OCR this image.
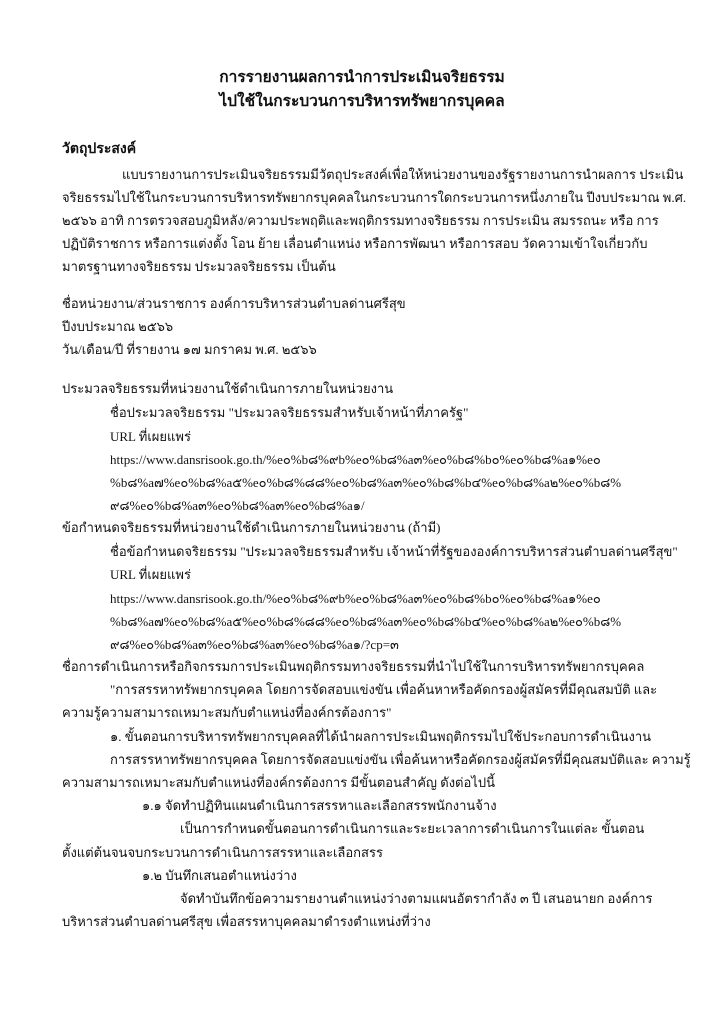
การรายงานผลการนำการประเมินจริยธรรม
ไปใช้ในกระบวนการบริหารทรัพยากรบุคคล
วัตถุประสงค์
แบบรายงานการประเมินจริยธรรมมีวัตถุประสงค์เพื่อให้หน่วยงานของรัฐรายงานการนำผลการ ประเมิน
จริยธรรมไปใช้ในกระบวนการบริหารทรัพยากรบุคคลในกระบวนการใดกระบวนการหนึ่งภายใน ปีงบประมาณ พ.ศ.
๒๕๖๖ อาทิ การตรวจสอบภูมิหลัง/ความประพฤติและพฤติกรรมทางจริยธรรม การประเมิน สมรรถนะ หรือ การ
ปฏิบัติราชการ หรือการแต่งตั้ง โอน ย้าย เลื่อนตำแหน่ง หรือการพัฒนา หรือการสอบ วัดความเข้าใจเกี่ยวกับ
มาตรฐานทางจริยธรรม ประมวลจริยธรรม เป็นต้น
ชื่อหน่วยงาน/ส่วนราชการ องค์การบริหารส่วนตำบลด่านศรีสุข
ปีงบประมาณ ๒๕๖๖
วัน/เดือน/ปี ที่รายงาน ๑๗ มกราคม พ.ศ. ๒๕๖๖
ประมวลจริยธรรมที่หน่วยงานใช้ดำเนินการภายในหน่วยงาน
ชื่อประมวลจริยธรรม "ประมวลจริยธรรมสำหรับเจ้าหน้าที่ภาครัฐ"
URL ที่เผยแพร่
https://www.dansrisook.go.th/%e๐%b๘%๙b%e๐%b๘%a๓%e๐%b๘%b๐%e๐%b๘%a๑%e๐
%b๘%a๗%e๐%b๘%a๕%e๐%b๘%๘๘%e๐%b๘%a๓%e๐%b๘%b๔%e๐%b๘%a๒%e๐%b๘%
๙๘%e๐%b๘%a๓%e๐%b๘%a๓%e๐%b๘%a๑/
ข้อกำหนดจริยธรรมที่หน่วยงานใช้ดำเนินการภายในหน่วยงาน (ถ้ามี)
ชื่อข้อกำหนดจริยธรรม "ประมวลจริยธรรมสำหรับ เจ้าหน้าที่รัฐขององค์การบริหารส่วนตำบลด่านศรีสุข"
URL ที่เผยแพร่
https://www.dansrisook.go.th/%e๐%b๘%๙b%e๐%b๘%a๓%e๐%b๘%b๐%e๐%b๘%a๑%e๐
%b๘%a๗%e๐%b๘%a๕%e๐%b๘%๘๘%e๐%b๘%a๓%e๐%b๘%b๔%e๐%b๘%a๒%e๐%b๘%
๙๘%e๐%b๘%a๓%e๐%b๘%a๓%e๐%b๘%a๑/?cp=๓
ชื่อการดำเนินการหรือกิจกรรมการประเมินพฤติกรรมทางจริยธรรมที่นำไปใช้ในการบริหารทรัพยากรบุคคล
"การสรรหาทรัพยากรบุคคล โดยการจัดสอบแข่งขัน เพื่อค้นหาหรือคัดกรองผู้สมัครที่มีคุณสมบัติ และ
ความรู้ความสามารถเหมาะสมกับตำแหน่งที่องค์กรต้องการ"
๑. ขั้นตอนการบริหารทรัพยากรบุคคลที่ได้นำผลการประเมินพฤติกรรมไปใช้ประกอบการดำเนินงาน
การสรรหาทรัพยากรบุคคล โดยการจัดสอบแข่งขัน เพื่อค้นหาหรือคัดกรองผู้สมัครที่มีคุณสมบัติและ ความรู้
ความสามารถเหมาะสมกับตำแหน่งที่องค์กรต้องการ มีขั้นตอนสำคัญ ดังต่อไปนี้
๑.๑ จัดทำปฏิทินแผนดำเนินการสรรหาและเลือกสรรพนักงานจ้าง
เป็นการกำหนดขั้นตอนการดำเนินการและระยะเวลาการดำเนินการในแต่ละ ขั้นตอน
ตั้งแต่ต้นจนจบกระบวนการดำเนินการสรรหาและเลือกสรร
๑.๒ บันทึกเสนอตำแหน่งว่าง
จัดทำบันทึกข้อความรายงานตำแหน่งว่างตามแผนอัตรากำลัง ๓ ปี เสนอนายก องค์การ
บริหารส่วนตำบลด่านศรีสุข เพื่อสรรหาบุคคลมาดำรงตำแหน่งที่ว่าง
